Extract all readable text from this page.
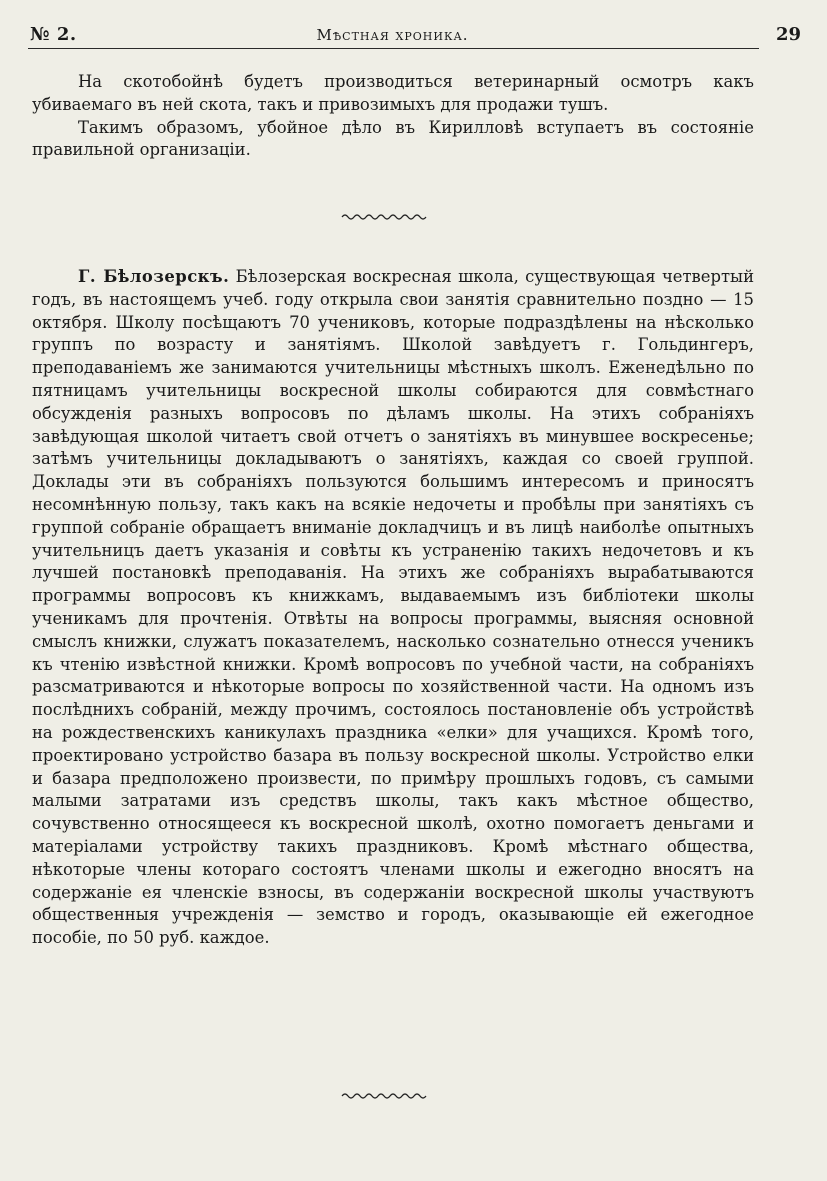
№ 2.	Мѣстная хроника.	29

На скотобойнѣ будетъ производиться ветеринарный осмотръ какъ убиваемаго въ ней скота, такъ и привозимыхъ для продажи тушъ.

Такимъ образомъ, убойное дѣло въ Кирилловѣ вступаетъ въ состояніе правильной организаціи.

Г. Бѣлозерскъ. Бѣлозерская воскресная школа, существующая четвертый годъ, въ настоящемъ учеб. году открыла свои занятія сравнительно поздно — 15 октября. Школу посѣщаютъ 70 учениковъ, которые подраздѣлены на нѣсколько группъ по возрасту и занятіямъ. Школой завѣдуетъ г. Гольдингеръ, преподаваніемъ же занимаются учительницы мѣстныхъ школъ. Еженедѣльно по пятницамъ учительницы воскресной школы собираются для совмѣстнаго обсужденія разныхъ вопросовъ по дѣламъ школы. На этихъ собраніяхъ завѣдующая школой читаетъ свой отчетъ о занятіяхъ въ минувшее воскресенье; затѣмъ учительницы докладываютъ о занятіяхъ, каждая со своей группой. Доклады эти въ собраніяхъ пользуются большимъ интересомъ и приносятъ несомнѣнную пользу, такъ какъ на всякіе недочеты и пробѣлы при занятіяхъ съ группой собраніе обращаетъ вниманіе докладчицъ и въ лицѣ наиболѣе опытныхъ учительницъ даетъ указанія и совѣты къ устраненію такихъ недочетовъ и къ лучшей постановкѣ преподаванія. На этихъ же собраніяхъ вырабатываются программы вопросовъ къ книжкамъ, выдаваемымъ изъ библіотеки школы ученикамъ для прочтенія. Отвѣты на вопросы программы, выясняя основной смыслъ книжки, служатъ показателемъ, насколько сознательно отнесся ученикъ къ чтенію извѣстной книжки. Кромѣ вопросовъ по учебной части, на собраніяхъ разсматриваются и нѣкоторые вопросы по хозяйственной части. На одномъ изъ послѣднихъ собраній, между прочимъ, состоялось постановленіе объ устройствѣ на рождественскихъ каникулахъ праздника «елки» для учащихся. Кромѣ того, проектировано устройство базара въ пользу воскресной школы. Устройство елки и базара предположено произвести, по примѣру прошлыхъ годовъ, съ самыми малыми затратами изъ средствъ школы, такъ какъ мѣстное общество, сочувственно относящееся къ воскресной школѣ, охотно помогаетъ деньгами и матеріалами устройству такихъ праздниковъ. Кромѣ мѣстнаго общества, нѣкоторые члены котораго состоятъ членами школы и ежегодно вносятъ на содержаніе ея членскіе взносы, въ содержаніи воскресной школы участвуютъ общественныя учрежденія — земство и городъ, оказывающіе ей ежегодное пособіе, по 50 руб. каждое.
